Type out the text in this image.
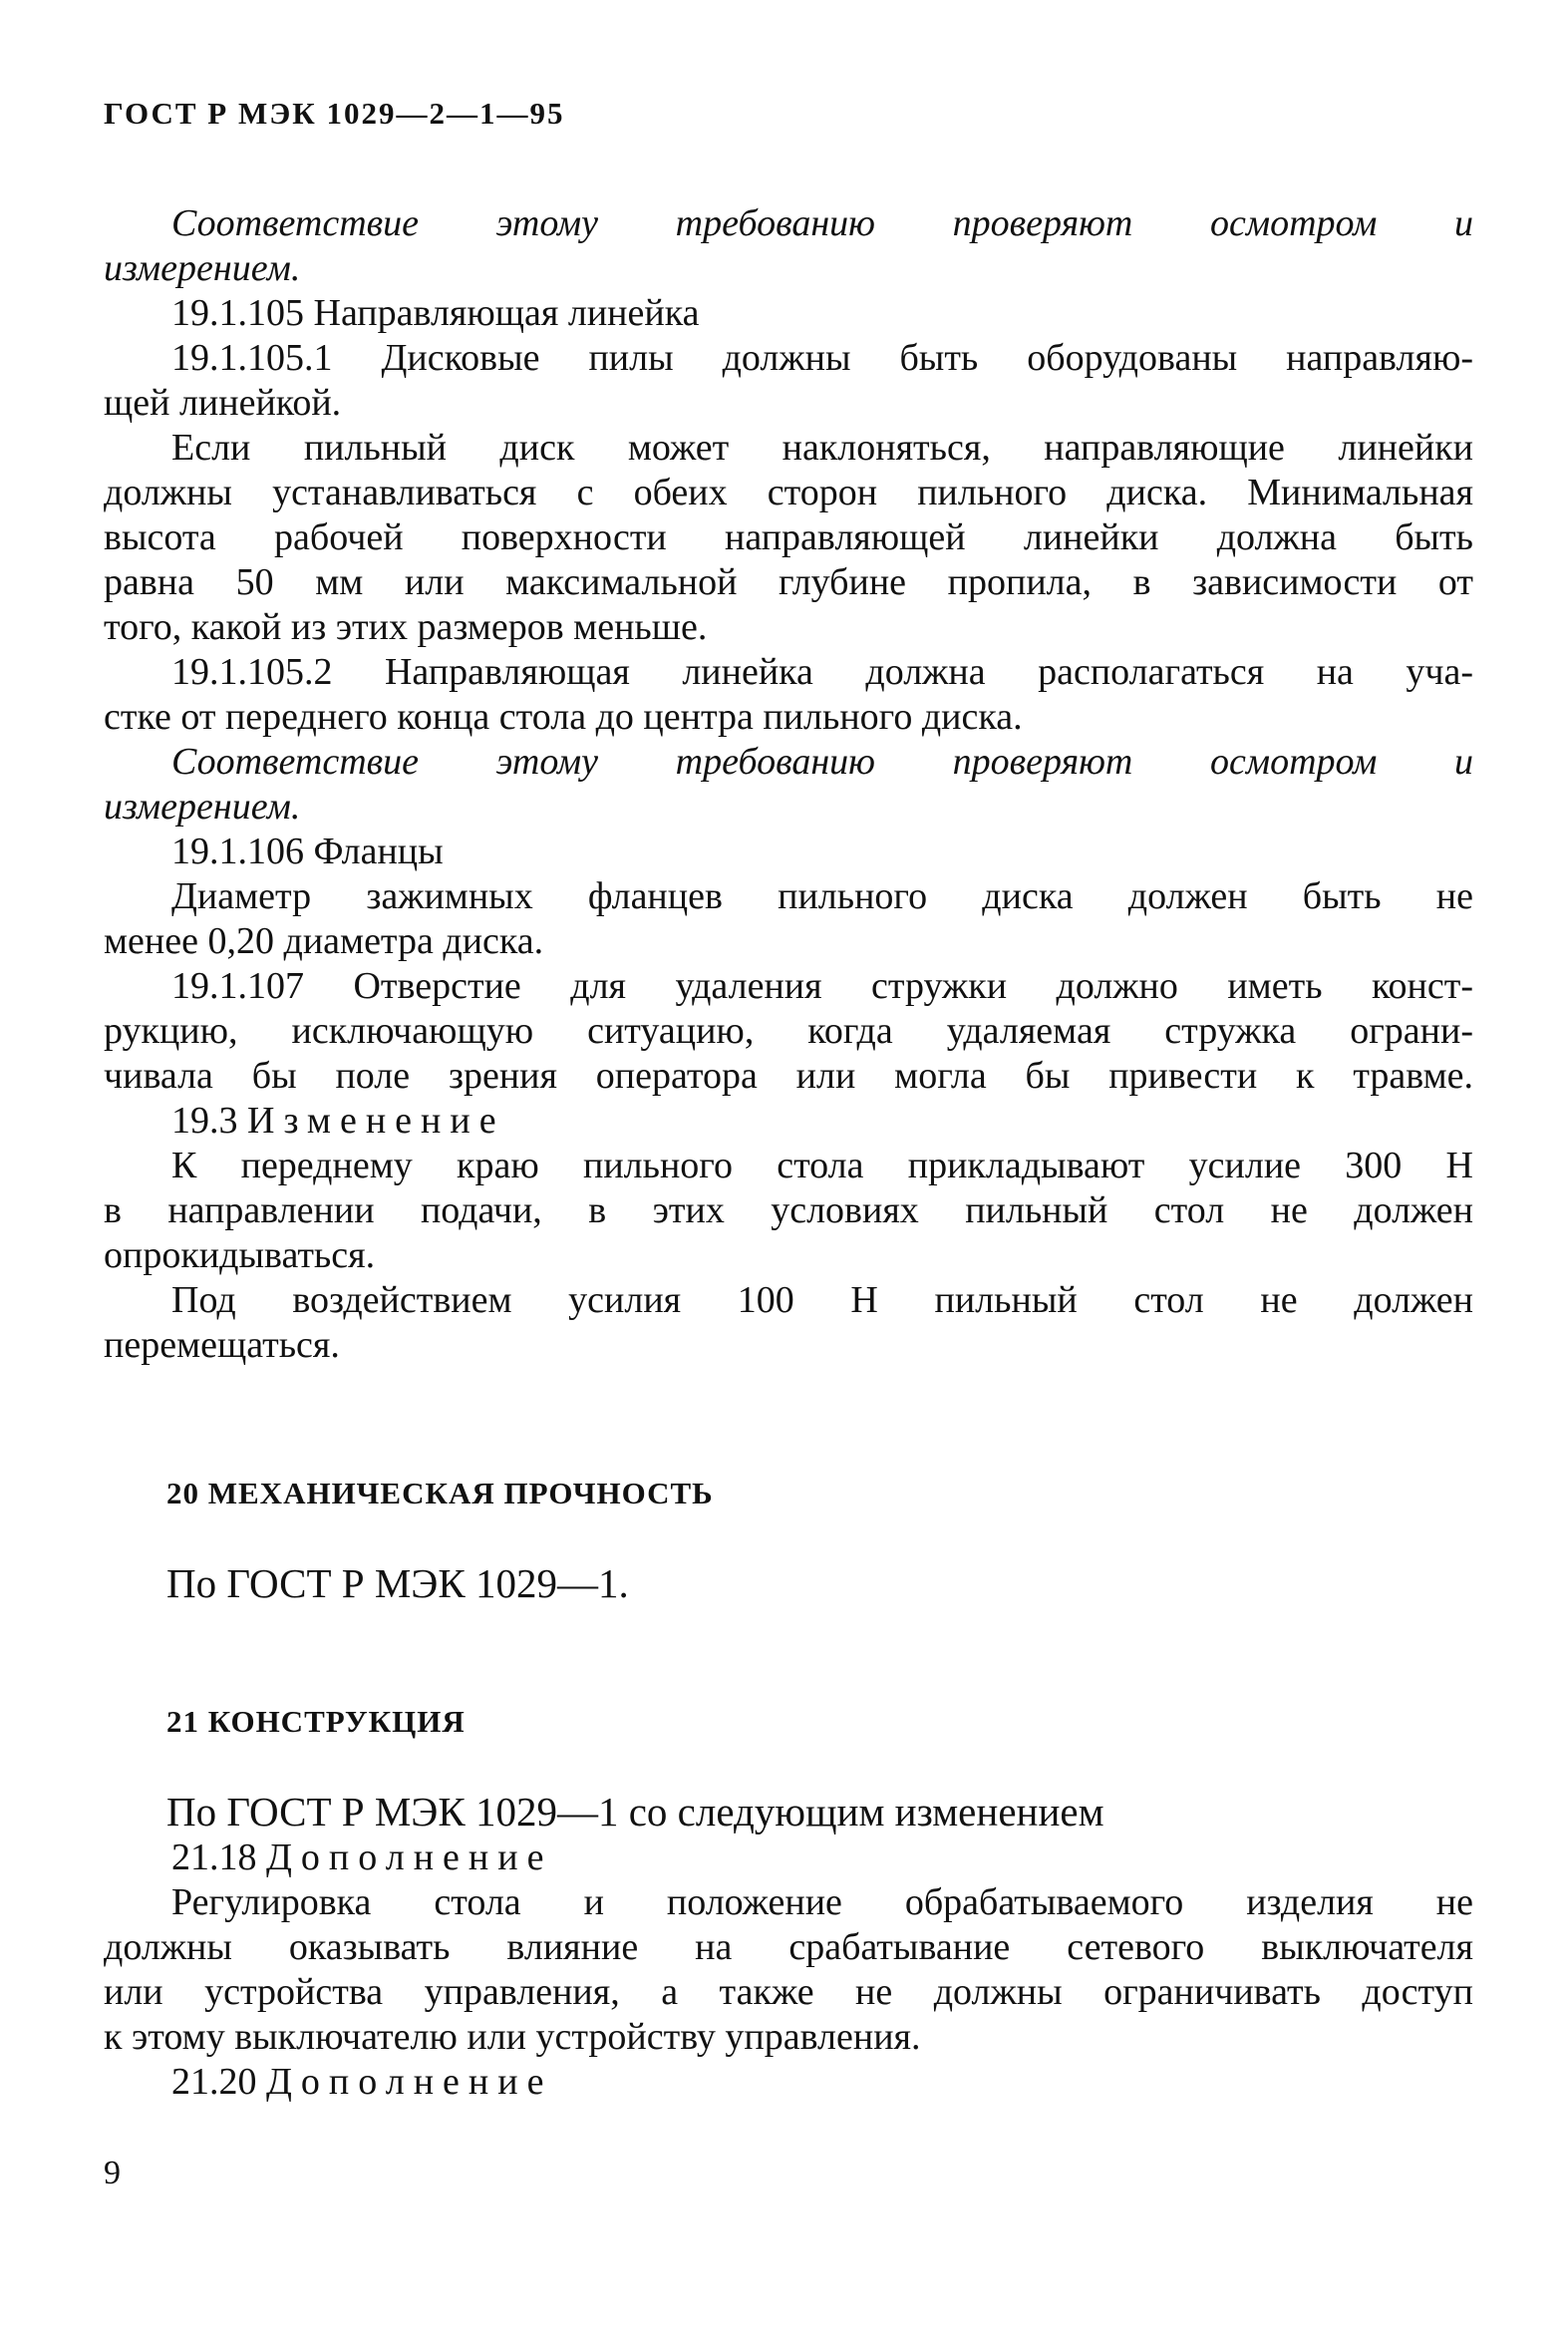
ГОСТ Р МЭК 1029—2—1—95

Соответствие этому требованию проверяют осмотром и
измерением.

19.1.105 Направляющая линейка

19.1.105.1 Дисковые пилы должны быть оборудованы направляю-
щей линейкой.

Если пильный диск может наклоняться, направляющие линейки
должны устанавливаться с обеих сторон пильного диска. Минимальная
высота рабочей поверхности направляющей линейки должна быть
равна 50 мм или максимальной глубине пропила, в зависимости от
того, какой из этих размеров меньше.

19.1.105.2 Направляющая линейка должна располагаться на уча-
стке от переднего конца стола до центра пильного диска.

Соответствие этому требованию проверяют осмотром и
измерением.

19.1.106 Фланцы

Диаметр зажимных фланцев пильного диска должен быть не
менее 0,20 диаметра диска.

19.1.107 Отверстие для удаления стружки должно иметь конст-
рукцию, исключающую ситуацию, когда удаляемая стружка ограни-
чивала бы поле зрения оператора или могла бы привести к травме.

19.3 Изменение

К переднему краю пильного стола прикладывают усилие 300 Н
в направлении подачи, в этих условиях пильный стол не должен
опрокидываться.

Под воздействием усилия 100 Н пильный стол не должен
перемещаться.

20 МЕХАНИЧЕСКАЯ ПРОЧНОСТЬ

По ГОСТ Р МЭК 1029—1.

21 КОНСТРУКЦИЯ

По ГОСТ Р МЭК 1029—1 со следующим изменением

21.18 Дополнение

Регулировка стола и положение обрабатываемого изделия не
должны оказывать влияние на срабатывание сетевого выключателя
или устройства управления, а также не должны ограничивать доступ
к этому выключателю или устройству управления.

21.20 Дополнение

9
